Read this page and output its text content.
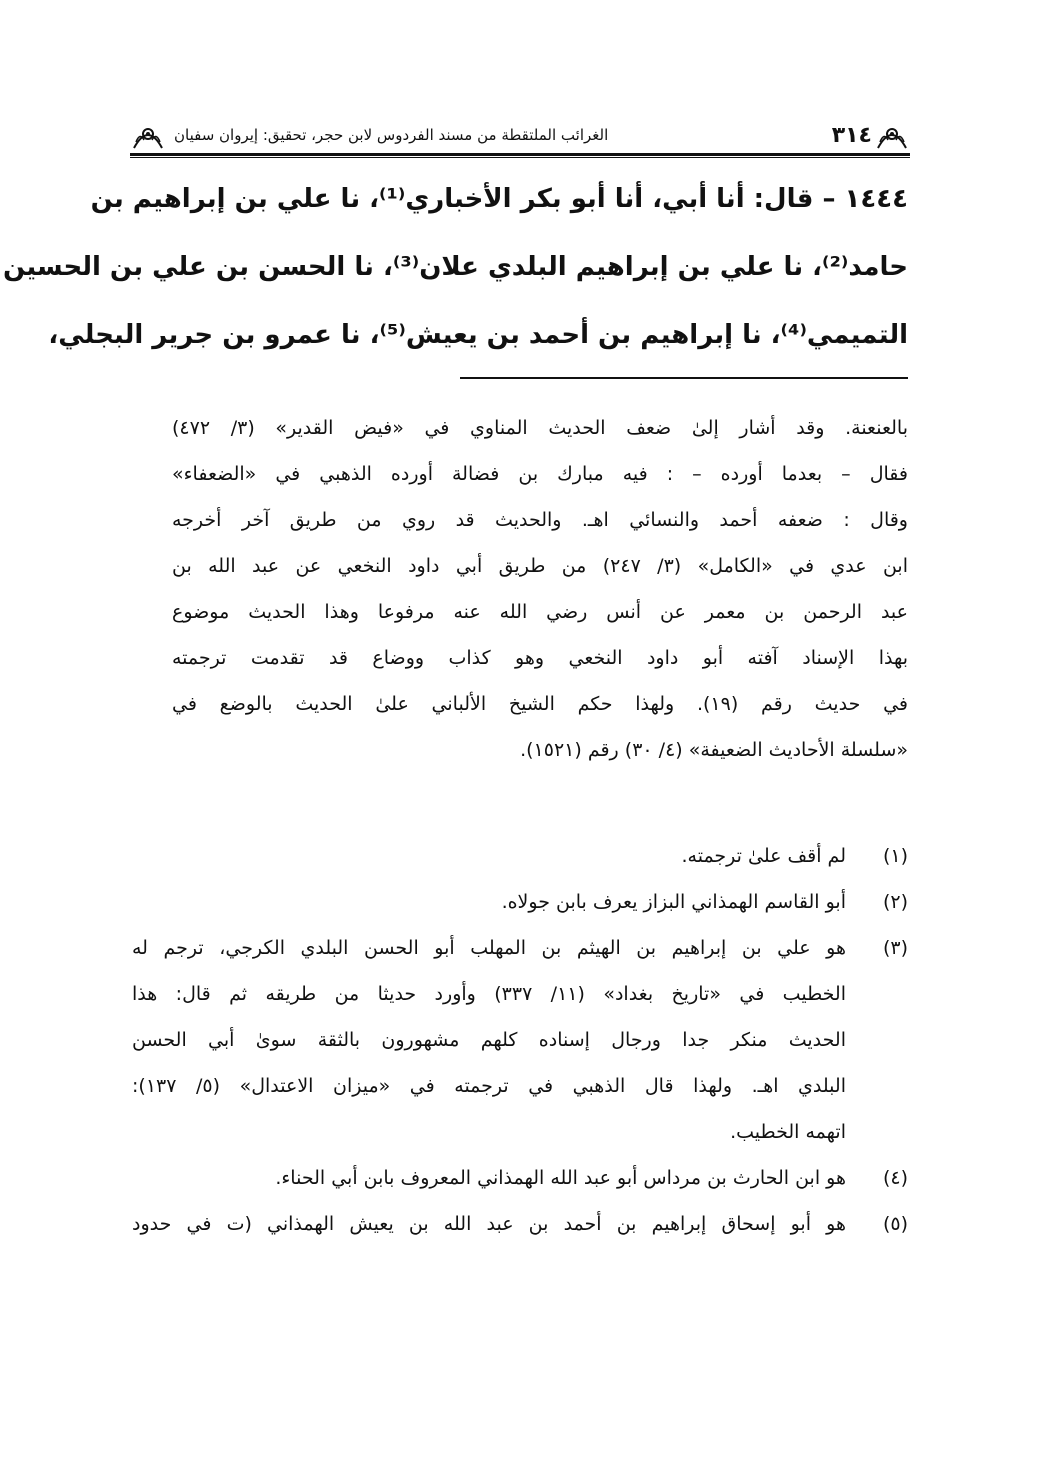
٣١٤
الغرائب الملتقطة من مسند الفردوس لابن حجر، تحقيق: إيروان سفيان
١٤٤٤ – قال: أنا أبي، أنا أبو بكر الأخباري⁽¹⁾، نا علي بن إبراهيم بن
حامد⁽²⁾، نا علي بن إبراهيم البلدي علان⁽³⁾، نا الحسن بن علي بن الحسين
التميمي⁽⁴⁾، نا إبراهيم بن أحمد بن يعيش⁽⁵⁾، نا عمرو بن جرير البجلي،
بالعنعنة. وقد أشار إلىٰ ضعف الحديث المناوي في «فيض القدير» (٣/ ٤٧٢)
فقال – بعدما أورده – : فيه مبارك بن فضالة أورده الذهبي في «الضعفاء»
وقال : ضعفه أحمد والنسائي اهـ. والحديث قد روي من طريق آخر أخرجه
ابن عدي في «الكامل» (٣/ ٢٤٧) من طريق أبي داود النخعي عن عبد الله بن
عبد الرحمن بن معمر عن أنس رضي الله عنه مرفوعا وهذا الحديث موضوع
بهذا الإسناد آفته أبو داود النخعي وهو كذاب ووضاع قد تقدمت ترجمته
في حديث رقم (١٩). ولهذا حكم الشيخ الألباني علىٰ الحديث بالوضع في
«سلسلة الأحاديث الضعيفة» (٤/ ٣٠) رقم (١٥٢١).
(١)
لم أقف علىٰ ترجمته.
(٢)
أبو القاسم الهمذاني البزاز يعرف بابن جولاه.
(٣)
هو علي بن إبراهيم بن الهيثم بن المهلب أبو الحسن البلدي الكرجي، ترجم له
الخطيب في «تاريخ بغداد» (١١/ ٣٣٧) وأورد حديثا من طريقه ثم قال: هذا
الحديث منكر جدا ورجال إسناده كلهم مشهورون بالثقة سوىٰ أبي الحسن
البلدي اهـ. ولهذا قال الذهبي في ترجمته في «ميزان الاعتدال» (٥/ ١٣٧):
اتهمه الخطيب.
(٤)
هو ابن الحارث بن مرداس أبو عبد الله الهمذاني المعروف بابن أبي الحناء.
(٥)
هو أبو إسحاق إبراهيم بن أحمد بن عبد الله بن يعيش الهمذاني (ت في حدود
